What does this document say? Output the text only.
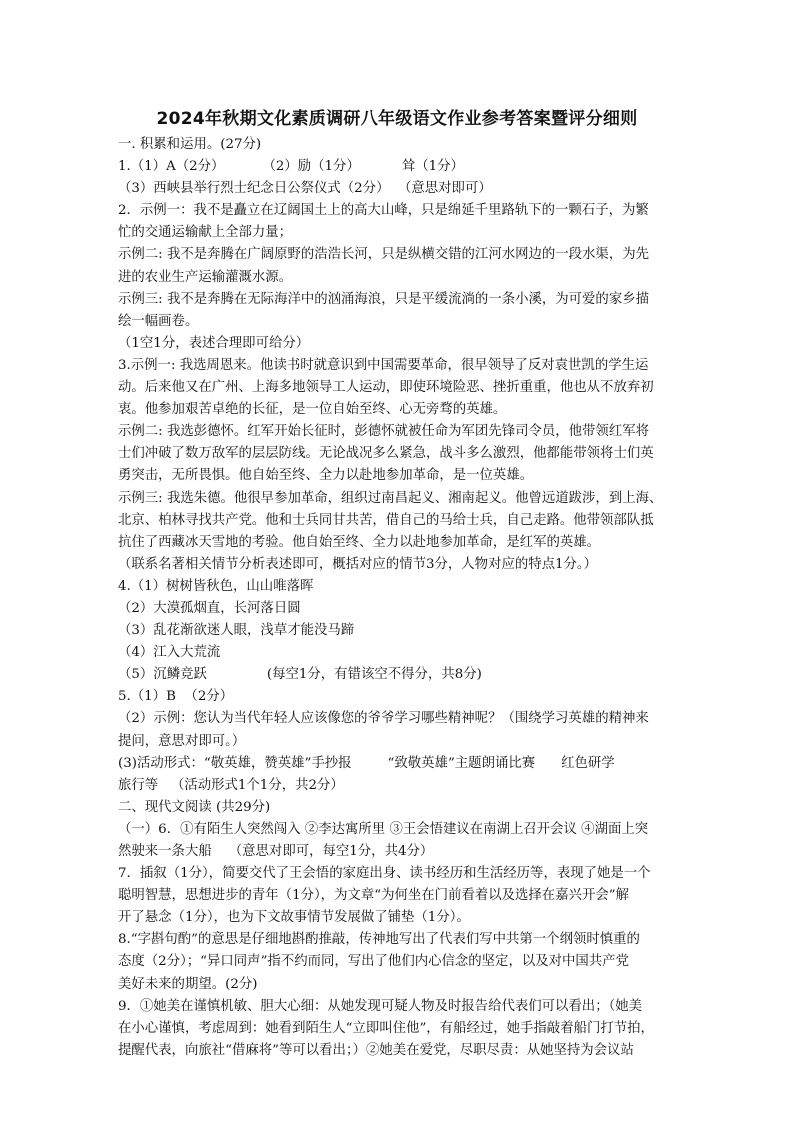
2024年秋期文化素质调研八年级语文作业参考答案暨评分细则
一. 积累和运用。(27分)
1.（1）A（2分）	（2）励（1分）	耸（1分）
（3）西峡县举行烈士纪念日公祭仪式（2分）  （意思对即可）
2．示例一：我不是矗立在辽阔国土上的高大山峰，只是绵延千里路轨下的一颗石子，为繁
忙的交通运输献上全部力量；
示例二: 我不是奔腾在广阔原野的浩浩长河，只是纵横交错的江河水网边的一段水渠，为先
进的农业生产运输灌溉水源。
示例三: 我不是奔腾在无际海洋中的汹涌海浪，只是平缓流淌的一条小溪，为可爱的家乡描
绘一幅画卷。
（1空1分，表述合理即可给分）
3.示例一: 我选周恩来。他读书时就意识到中国需要革命，很早领导了反对袁世凯的学生运
动。后来他又在广州、上海多地领导工人运动，即使环境险恶、挫折重重，他也从不放弃初
衷。他参加艰苦卓绝的长征，是一位自始至终、心无旁骛的英雄。
示例二: 我选彭德怀。红军开始长征时，彭德怀就被任命为军团先锋司令员，他带领红军将
士们冲破了数万敌军的层层防线。无论战况多么紧急，战斗多么激烈，他都能带领将士们英
勇突击，无所畏惧。他自始至终、全力以赴地参加革命，是一位英雄。
示例三: 我选朱德。他很早参加革命，组织过南昌起义、湘南起义。他曾远道跋涉，到上海、
北京、柏林寻找共产党。他和士兵同甘共苦，借自己的马给士兵，自己走路。他带领部队抵
抗住了西藏冰天雪地的考验。他自始至终、全力以赴地参加革命，是红军的英雄。
（联系名著相关情节分析表述即可，概括对应的情节3分，人物对应的特点1分。）
4.（1）树树皆秋色，山山唯落晖
（2）大漠孤烟直，长河落日圆
（3）乱花渐欲迷人眼，浅草才能没马蹄
（4）江入大荒流
（5）沉鳞竞跃	(每空1分，有错该空不得分，共8分)
5.（1）B  （2分）
（2）示例：您认为当代年轻人应该像您的爷爷学习哪些精神呢？（围绕学习英雄的精神来
提问，意思对即可。）
(3)活动形式：“敬英雄，赞英雄”手抄报	“致敬英雄”主题朗诵比赛 红色研学
旅行等   （活动形式1个1分，共2分）
二、现代文阅读 (共29分)
（一）6．①有陌生人突然闯入 ②李达寓所里 ③王会悟建议在南湖上召开会议 ④湖面上突
然驶来一条大船    （意思对即可，每空1分，共4分）
7．插叙（1分），简要交代了王会悟的家庭出身、读书经历和生活经历等，表现了她是一个
聪明智慧，思想进步的青年（1分），为文章“为何坐在门前看着以及选择在嘉兴开会”解
开了悬念（1分），也为下文故事情节发展做了铺垫（1分）。
8.“字斟句酌”的意思是仔细地斟酌推敲，传神地写出了代表们写中共第一个纲领时慎重的
态度（2分）；“异口同声”指不约而同，写出了他们内心信念的坚定，以及对中国共产党
美好未来的期望。(2分)
9．①她美在谨慎机敏、胆大心细：从她发现可疑人物及时报告给代表们可以看出；（她美
在小心谨慎，考虑周到：她看到陌生人“立即叫住他”，有船经过，她手指敲着船门打节拍，
提醒代表，向旅社“借麻将”等可以看出；）②她美在爱党，尽职尽责：从她坚持为会议站
